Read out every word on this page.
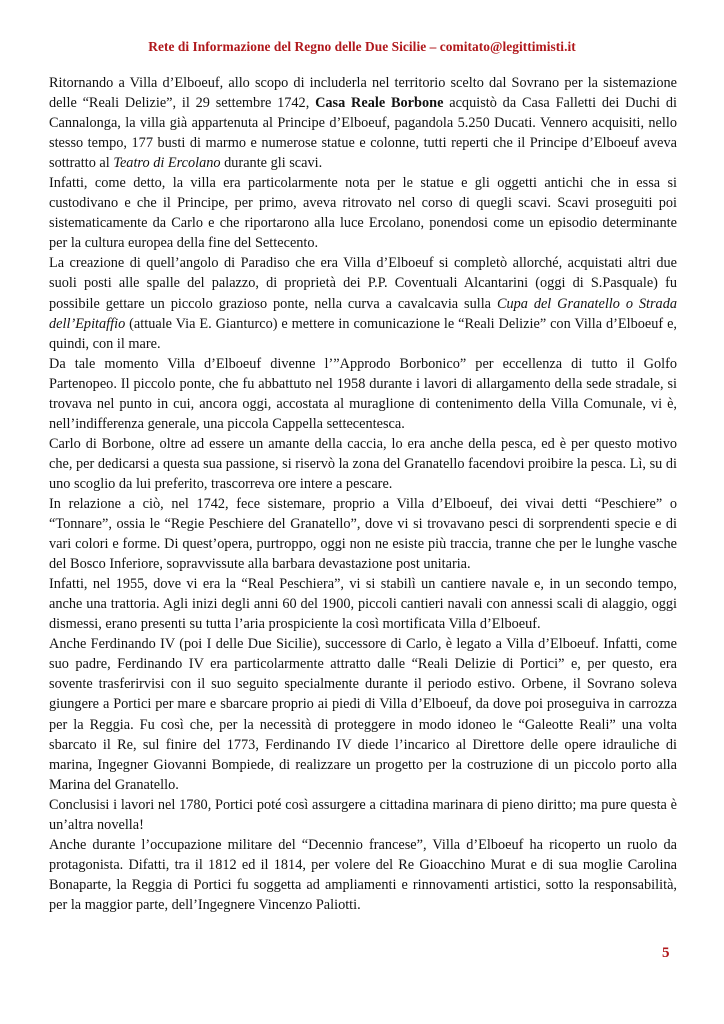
Rete di Informazione del Regno delle Due Sicilie – comitato@legittimisti.it

Ritornando a Villa d’Elboeuf, allo scopo di includerla nel territorio scelto dal Sovrano per la sistemazione delle “Reali Delizie”, il 29 settembre 1742, Casa Reale Borbone acquistò da Casa Falletti dei Duchi di Cannalonga, la villa già appartenuta al Principe d’Elboeuf, pagandola 5.250 Ducati. Vennero acquisiti, nello stesso tempo, 177 busti di marmo e numerose statue e colonne, tutti reperti che il Principe d’Elboeuf aveva sottratto al Teatro di Ercolano durante gli scavi.

Infatti, come detto, la villa era particolarmente nota per le statue e gli oggetti antichi che in essa si custodivano e che il Principe, per primo, aveva ritrovato nel corso di quegli scavi. Scavi proseguiti poi sistematicamente da Carlo e che riportarono alla luce Ercolano, ponendosi come un episodio determinante per la cultura europea della fine del Settecento.

La creazione di quell’angolo di Paradiso che era Villa d’Elboeuf si completò allorché, acquistati altri due suoli posti alle spalle del palazzo, di proprietà dei P.P. Coventuali Alcantarini (oggi di S.Pasquale) fu possibile gettare un piccolo grazioso ponte, nella curva a cavalcavia sulla Cupa del Granatello o Strada dell’Epitaffio (attuale Via E. Gianturco) e mettere in comunicazione le “Reali Delizie” con Villa d’Elboeuf e, quindi, con il mare.

Da tale momento Villa d’Elboeuf divenne l’”Approdo Borbonico” per eccellenza di tutto il Golfo Partenopeo. Il piccolo ponte, che fu abbattuto nel 1958 durante i lavori di allargamento della sede stradale, si trovava nel punto in cui, ancora oggi, accostata al muraglione di contenimento della Villa Comunale, vi è, nell’indifferenza generale, una piccola Cappella settecentesca.

Carlo di Borbone, oltre ad essere un amante della caccia, lo era anche della pesca, ed è per questo motivo che, per dedicarsi a questa sua passione, si riservò la zona del Granatello facendovi proibire la pesca. Lì, su di uno scoglio da lui preferito, trascorreva ore intere a pescare.

In relazione a ciò, nel 1742, fece sistemare, proprio a Villa d’Elboeuf, dei vivai detti “Peschiere” o “Tonnare”, ossia le “Regie Peschiere del Granatello”, dove vi si trovavano pesci di sorprendenti specie e di vari colori e forme. Di quest’opera, purtroppo, oggi non ne esiste più traccia, tranne che per le lunghe vasche del Bosco Inferiore, sopravvissute alla barbara devastazione post unitaria.

Infatti, nel 1955, dove vi era la “Real Peschiera”, vi si stabilì un cantiere navale e, in un secondo tempo, anche una trattoria. Agli inizi degli anni 60 del 1900, piccoli cantieri navali con annessi scali di alaggio, oggi dismessi, erano presenti su tutta l’aria prospiciente la così mortificata Villa d’Elboeuf.

Anche Ferdinando IV (poi I delle Due Sicilie), successore di Carlo, è legato a Villa d’Elboeuf. Infatti, come suo padre, Ferdinando IV era particolarmente attratto dalle “Reali Delizie di Portici” e, per questo, era sovente trasferirvisi con il suo seguito specialmente durante il periodo estivo. Orbene, il Sovrano soleva giungere a Portici per mare e sbarcare proprio ai piedi di Villa d’Elboeuf, da dove poi proseguiva in carrozza per la Reggia. Fu così che, per la necessità di proteggere in modo idoneo le “Galeotte Reali” una volta sbarcato il Re, sul finire del 1773, Ferdinando IV diede l’incarico al Direttore delle opere idrauliche di marina, Ingegner Giovanni Bompiede, di realizzare un progetto per la costruzione di un piccolo porto alla Marina del Granatello.

Conclusisi i lavori nel 1780, Portici poté così assurgere a cittadina marinara di pieno diritto; ma pure questa è un’altra novella!

Anche durante l’occupazione militare del “Decennio francese”, Villa d’Elboeuf ha ricoperto un ruolo da protagonista. Difatti, tra il 1812 ed il 1814, per volere del Re Gioacchino Murat e di sua moglie Carolina Bonaparte, la Reggia di Portici fu soggetta ad ampliamenti e rinnovamenti artistici, sotto la responsabilità, per la maggior parte, dell’Ingegnere Vincenzo Paliotti.

5
